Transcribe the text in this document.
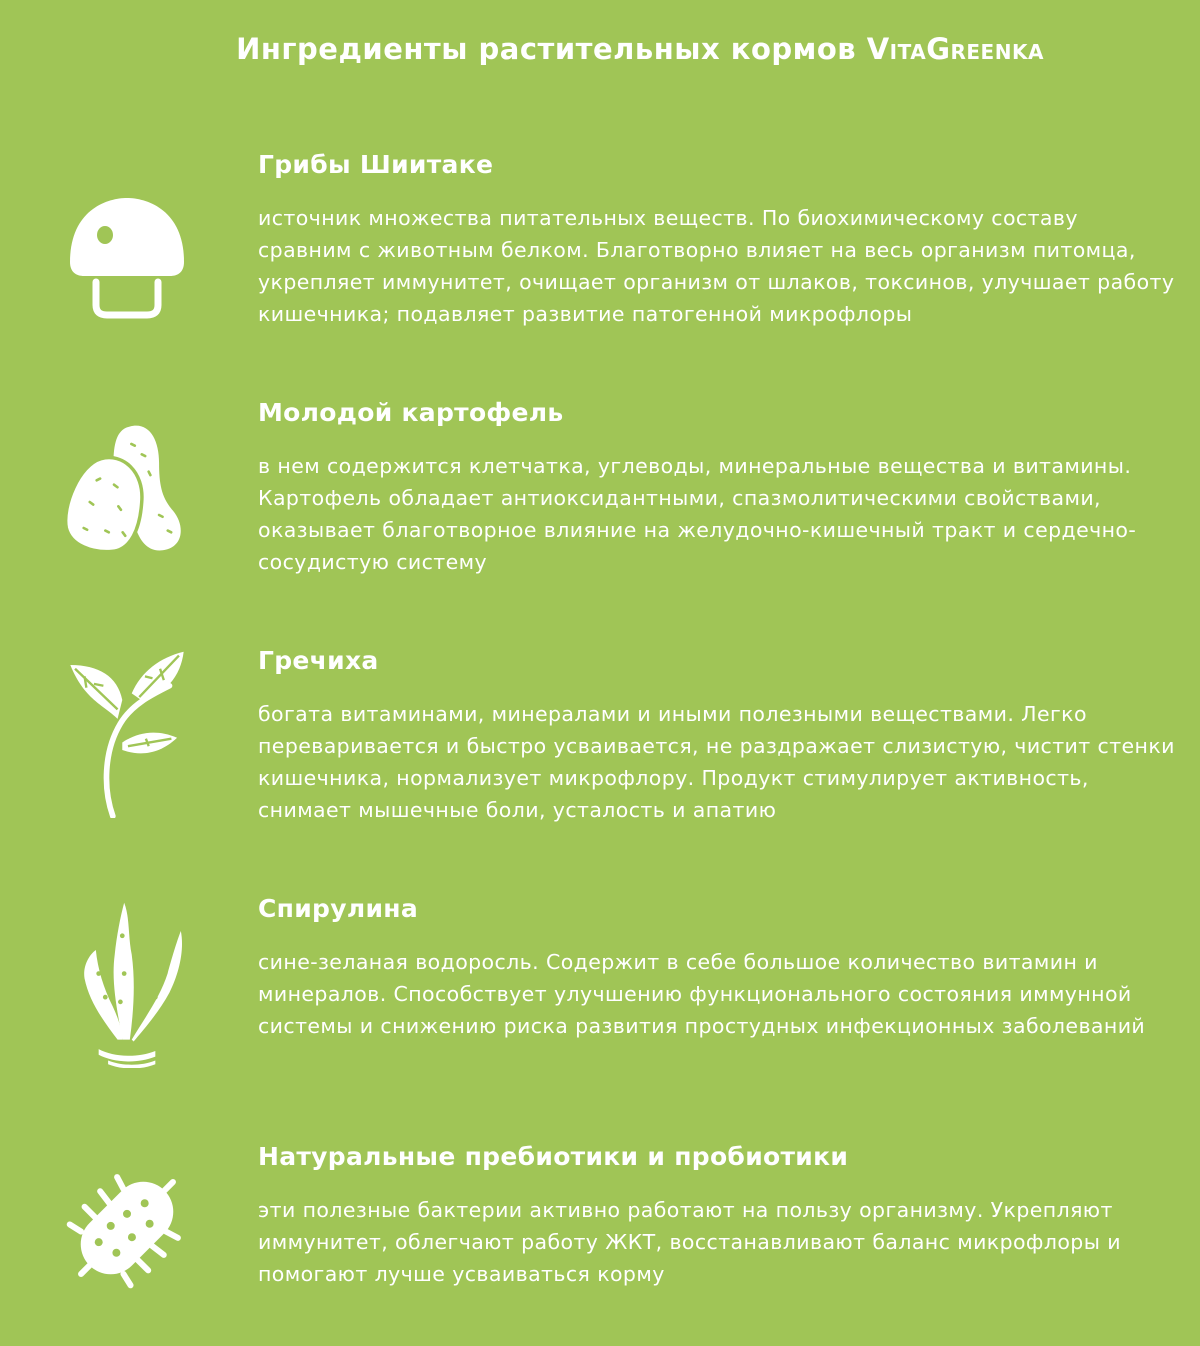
Ингредиенты растительных кормов VitaGreenka
Грибы Шиитаке

источник множества питательных веществ. По биохимическому составу сравним с животным белком. Благотворно влияет на весь организм питомца, укрепляет иммунитет, очищает организм от шлаков, токсинов, улучшает работу кишечника; подавляет развитие патогенной микрофлоры

Молодой картофель

в нем содержится клетчатка, углеводы, минеральные вещества и витамины. Картофель обладает антиоксидантными, спазмолитическими свойствами, оказывает благотворное влияние на желудочно-кишечный тракт и сердечно-сосудистую систему

Гречиха

богата витаминами, минералами и иными полезными веществами. Легко переваривается и быстро усваивается, не раздражает слизистую, чистит стенки кишечника, нормализует микрофлору. Продукт стимулирует активность, снимает мышечные боли, усталость и апатию

Спирулина

сине-зеланая водоросль. Содержит в себе большое количество витамин и минералов. Способствует улучшению функционального состояния иммунной системы и снижению риска развития простудных инфекционных заболеваний

Натуральные пребиотики и пробиотики

эти полезные бактерии активно работают на пользу организму. Укрепляют иммунитет, облегчают работу ЖКТ, восстанавливают баланс микрофлоры и помогают лучше усваиваться корму
